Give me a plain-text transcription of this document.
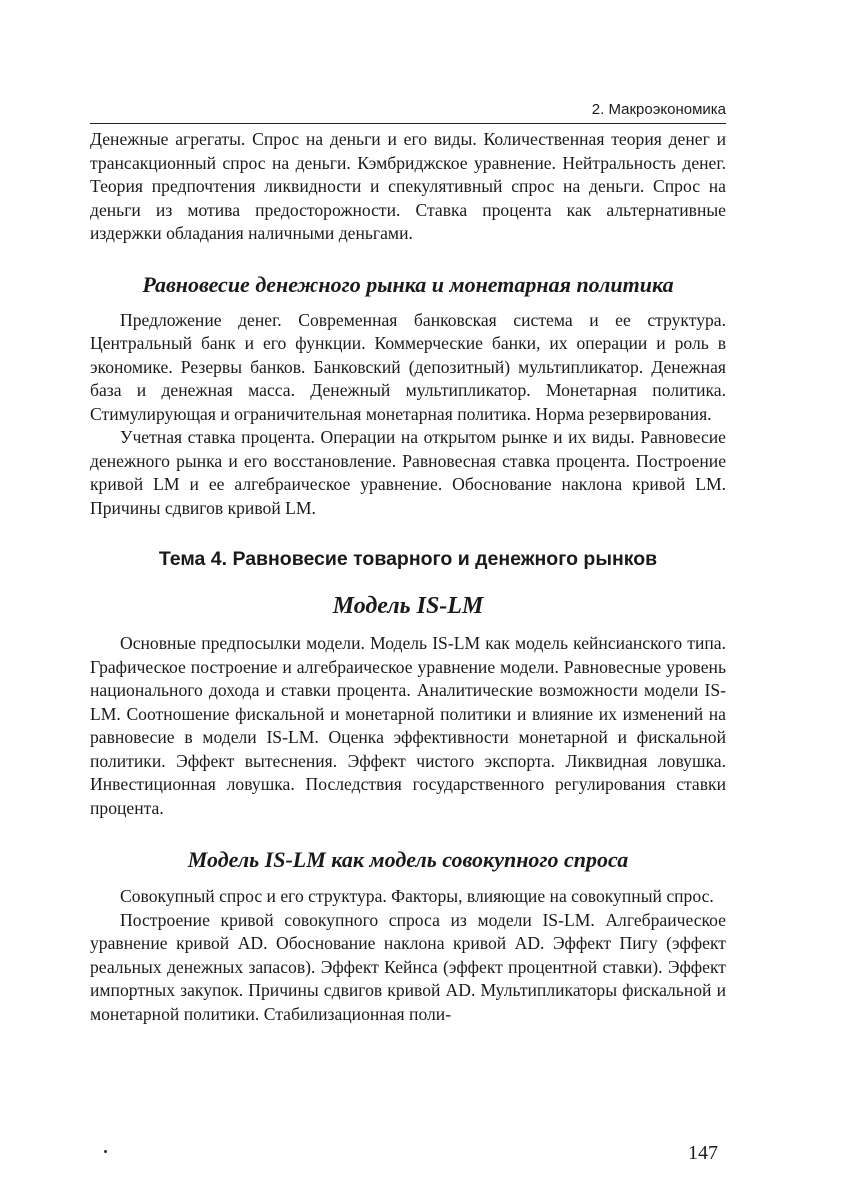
2. Макроэкономика

Денежные агрегаты. Спрос на деньги и его виды. Количественная теория денег и трансакционный спрос на деньги. Кэмбриджское уравнение. Нейтральность денег. Теория предпочтения ликвидности и спекулятивный спрос на деньги. Спрос на деньги из мотива предосторожности. Ставка процента как альтернативные издержки обладания наличными деньгами.

Равновесие денежного рынка и монетарная политика

Предложение денег. Современная банковская система и ее структура. Центральный банк и его функции. Коммерческие банки, их операции и роль в экономике. Резервы банков. Банковский (депозитный) мультипликатор. Денежная база и денежная масса. Денежный мультипликатор. Монетарная политика. Стимулирующая и ограничительная монетарная политика. Норма резервирования.

Учетная ставка процента. Операции на открытом рынке и их виды. Равновесие денежного рынка и его восстановление. Равновесная ставка процента. Построение кривой LM и ее алгебраическое уравнение. Обоснование наклона кривой LM. Причины сдвигов кривой LM.

Тема 4. Равновесие товарного и денежного рынков
Модель IS-LM

Основные предпосылки модели. Модель IS-LM как модель кейнсианского типа. Графическое построение и алгебраическое уравнение модели. Равновесные уровень национального дохода и ставки процента. Аналитические возможности модели IS-LM. Соотношение фискальной и монетарной политики и влияние их изменений на равновесие в модели IS-LM. Оценка эффективности монетарной и фискальной политики. Эффект вытеснения. Эффект чистого экспорта. Ликвидная ловушка. Инвестиционная ловушка. Последствия государственного регулирования ставки процента.

Модель IS-LM как модель совокупного спроса

Совокупный спрос и его структура. Факторы, влияющие на совокупный спрос.

Построение кривой совокупного спроса из модели IS-LM. Алгебраическое уравнение кривой AD. Обоснование наклона кривой AD. Эффект Пигу (эффект реальных денежных запасов). Эффект Кейнса (эффект процентной ставки). Эффект импортных закупок. Причины сдвигов кривой AD. Мультипликаторы фискальной и монетарной политики. Стабилизационная поли-

147
